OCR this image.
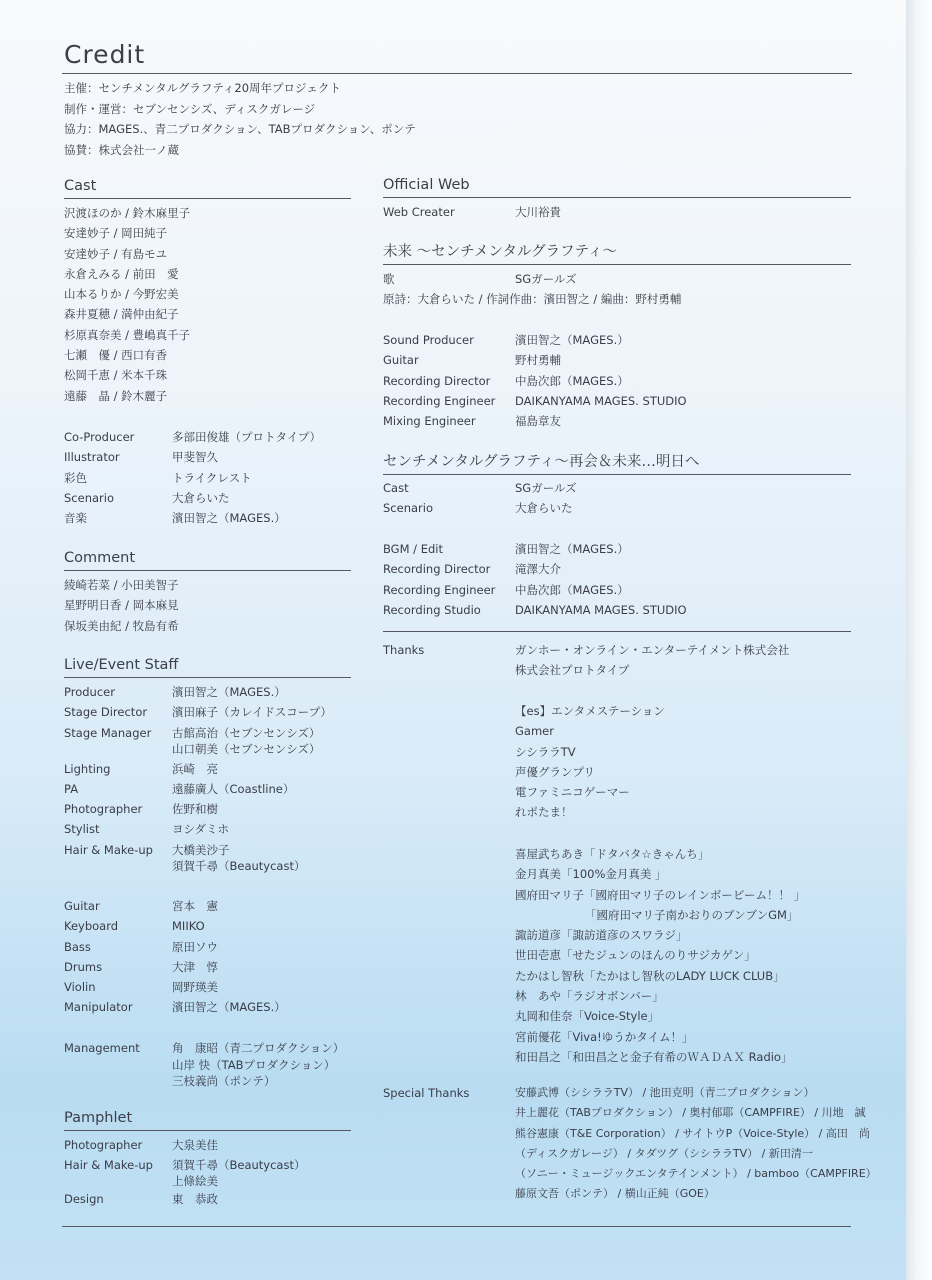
Credit
主催：センチメンタルグラフティ20周年プロジェクト
制作・運営：セブンセンシズ、ディスクガレージ
協力：MAGES.、青二プロダクション、TABプロダクション、ポンテ
協賛：株式会社一ノ蔵
Cast
沢渡ほのか / 鈴木麻里子
安達妙子 / 岡田純子
安達妙子 / 有島モユ
永倉えみる / 前田　愛
山本るりか / 今野宏美
森井夏穂 / 満仲由紀子
杉原真奈美 / 豊嶋真千子
七瀬　優 / 西口有香
松岡千恵 / 米本千珠
遠藤　晶 / 鈴木麗子
Co-Producer	多部田俊雄（プロトタイプ）
Illustrator	甲斐智久
彩色	トライクレスト
Scenario	大倉らいた
音楽	濱田智之（MAGES.）
Comment
綾崎若菜 / 小田美智子
星野明日香 / 岡本麻見
保坂美由紀 / 牧島有希
Live/Event Staff
Producer	濱田智之（MAGES.）
Stage Director	濱田麻子（カレイドスコープ）
Stage Manager	古館高治（セブンセンシズ）
山口朝美（セブンセンシズ）
Lighting	浜崎　亮
PA	遠藤廣人（Coastline）
Photographer	佐野和樹
Stylist	ヨシダミホ
Hair & Make-up	大橋美沙子
須賀千尋（Beautycast）
Guitar	宮本　憲
Keyboard	MIIKO
Bass	原田ソウ
Drums	大津　惇
Violin	岡野瑛美
Manipulator	濱田智之（MAGES.）
Management	角　康昭（青二プロダクション）
山岸 快（TABプロダクション）
三枝義尚（ポンテ）
Pamphlet
Photographer	大泉美佳
Hair & Make-up	須賀千尋（Beautycast）
上條絵美
Design	東　恭政
Official Web
Web Creater	大川裕貴
未来 〜センチメンタルグラフティ〜
歌	SGガールズ
原詩：大倉らいた / 作詞作曲：濱田智之 / 編曲：野村勇輔
Sound Producer	濱田智之（MAGES.）
Guitar	野村勇輔
Recording Director	中島次郎（MAGES.）
Recording Engineer	DAIKANYAMA MAGES. STUDIO
Mixing Engineer	福島章友
センチメンタルグラフティ〜再会＆未来…明日へ
Cast	SGガールズ
Scenario	大倉らいた
BGM / Edit	濱田智之（MAGES.）
Recording Director	滝澤大介
Recording Engineer	中島次郎（MAGES.）
Recording Studio	DAIKANYAMA MAGES. STUDIO
Thanks	ガンホー・オンライン・エンターテイメント株式会社
株式会社プロトタイプ
【es】エンタメステーション
Gamer
シシララTV
声優グランプリ
電ファミニコゲーマー
れポたま！
喜屋武ちあき「ドタバタ☆きゃんち」
金月真美「100%金月真美 」
國府田マリ子「國府田マリ子のレインボービーム！！ 」
「國府田マリ子南かおりのブンブンGM」
諏訪道彦「諏訪道彦のスワラジ」
世田壱恵「せたジュンのほんのりサジカゲン」
たかはし智秋「たかはし智秋のLADY LUCK CLUB」
林　あや「ラジオボンバー」
丸岡和佳奈「Voice-Style」
宮前優花「Viva!ゆうかタイム！」
和田昌之「和田昌之と金子有希のＷＡＤＡＸ Radio」
Special Thanks	安藤武博（シシララTV） / 池田克明（青二プロダクション）
井上麗花（TABプロダクション） / 奥村郁耶（CAMPFIRE） / 川地　誠
熊谷憲康（T&E Corporation） / サイトウP（Voice-Style） / 高田　尚
（ディスクガレージ） / タダツグ（シシララTV） / 新田清一
（ソニー・ミュージックエンタテインメント） / bamboo（CAMPFIRE）
藤原文吾（ポンテ） / 横山正純（GOE）
